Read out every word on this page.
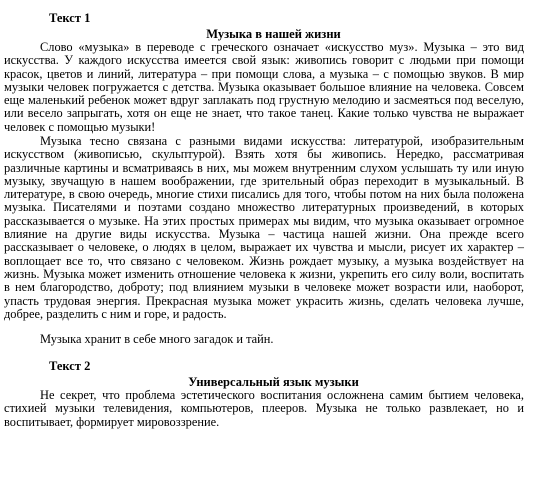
Текст 1
Музыка в нашей жизни

Слово «музыка» в переводе с греческого означает «искусство муз». Музыка – это вид искусства. У каждого искусства имеется свой язык: живопись говорит с людьми при помощи красок, цветов и линий, литература – при помощи слова, а музыка – с помощью звуков. В мир музыки человек погружается с детства. Музыка оказывает большое влияние на человека. Совсем еще маленький ребенок может вдруг заплакать под грустную мелодию и засмеяться под веселую, или весело запрыгать, хотя он еще не знает, что такое танец. Какие только чувства не выражает человек с помощью музыки!

Музыка тесно связана с разными видами искусства: литературой, изобразительным искусством (живописью, скульптурой). Взять хотя бы живопись. Нередко, рассматривая различные картины и всматриваясь в них, мы можем внутренним слухом услышать ту или иную музыку, звучащую в нашем воображении, где зрительный образ переходит в музыкальный. В литературе, в свою очередь, многие стихи писались для того, чтобы потом на них была положена музыка. Писателями и поэтами создано множество литературных произведений, в которых рассказывается о музыке. На этих простых примерах мы видим, что музыка оказывает огромное влияние на другие виды искусства. Музыка – частица нашей жизни. Она прежде всего рассказывает о человеке, о людях в целом, выражает их чувства и мысли, рисует их характер – воплощает все то, что связано с человеком. Жизнь рождает музыку, а музыка воздействует на жизнь. Музыка может изменить отношение человека к жизни, укрепить его силу воли, воспитать в нем благородство, доброту; под влиянием музыки в человеке может возрасти или, наоборот, упасть трудовая энергия. Прекрасная музыка может украсить жизнь, сделать человека лучше, добрее, разделить с ним и горе, и радость.

Музыка хранит в себе много загадок и тайн.

Текст 2
Универсальный язык музыки

Не секрет, что проблема эстетического воспитания осложнена самим бытием человека, стихией музыки телевидения, компьютеров, плееров. Музыка не только развлекает, но и воспитывает, формирует мировоззрение.
